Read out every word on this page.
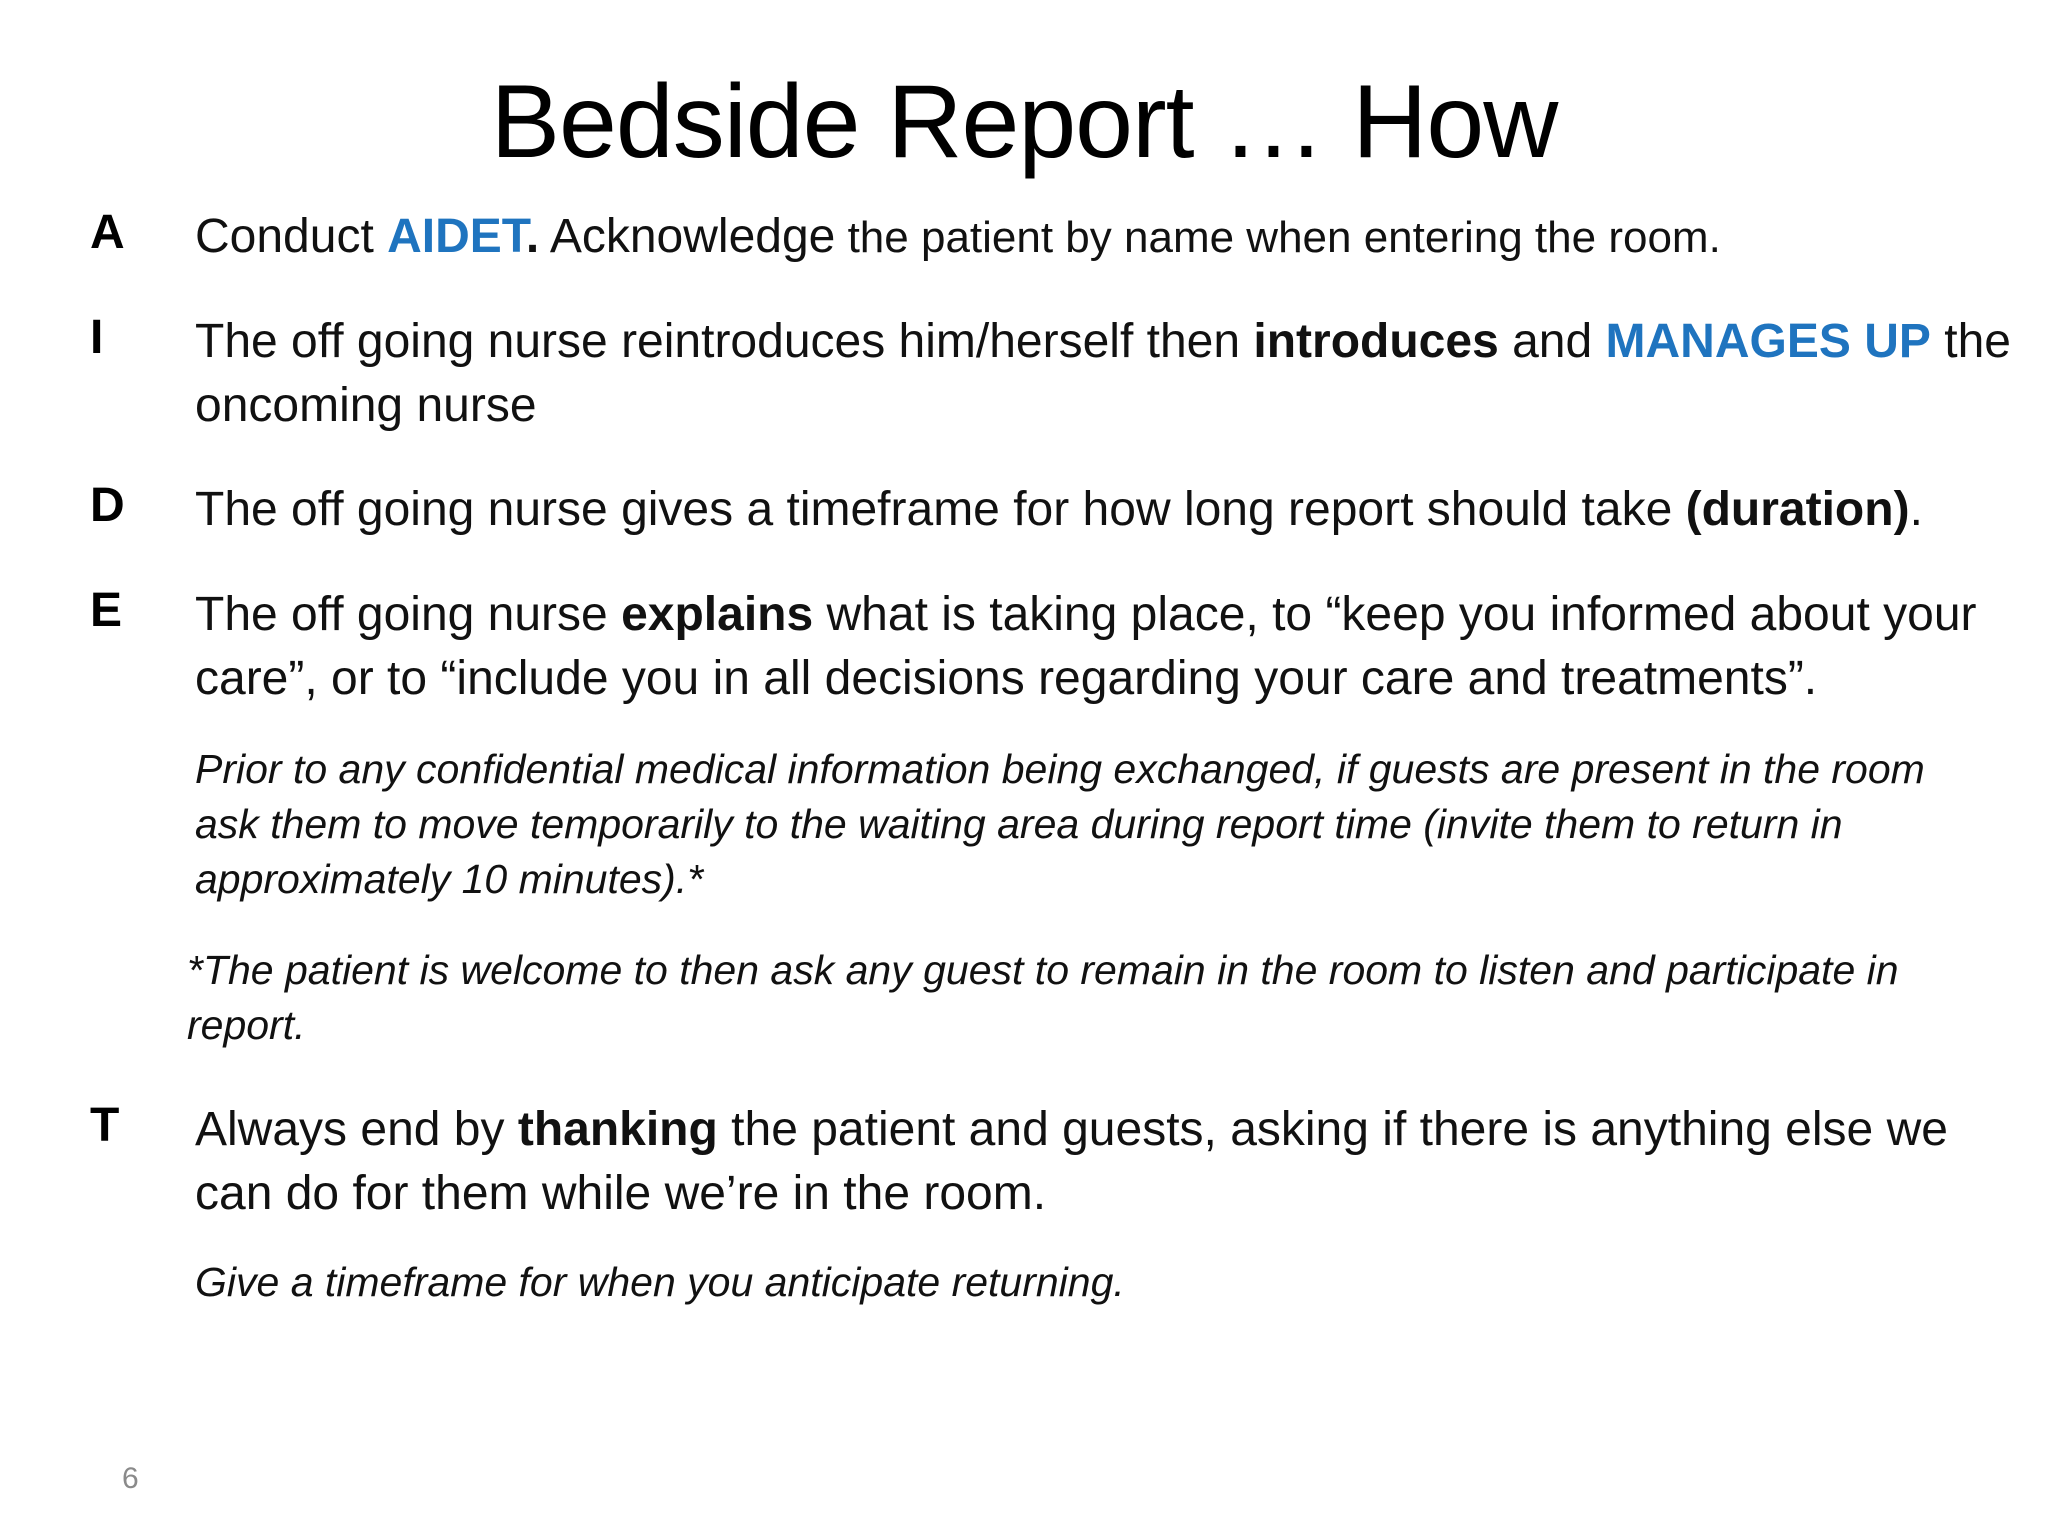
Bedside Report … How
A Conduct AIDET. Acknowledge the patient by name when entering the room.
I The off going nurse reintroduces him/herself then introduces and MANAGES UP the oncoming nurse
D The off going nurse gives a timeframe for how long report should take (duration).
E The off going nurse explains what is taking place, to “keep you informed about your care”, or to “include you in all decisions regarding your care and treatments”.
Prior to any confidential medical information being exchanged, if guests are present in the room ask them to move temporarily to the waiting area during report time (invite them to return in approximately 10 minutes).*
*The patient is welcome to then ask any guest to remain in the room to listen and participate in report.
T Always end by thanking the patient and guests, asking if there is anything else we can do for them while we’re in the room.
Give a timeframe for when you anticipate returning.
6
